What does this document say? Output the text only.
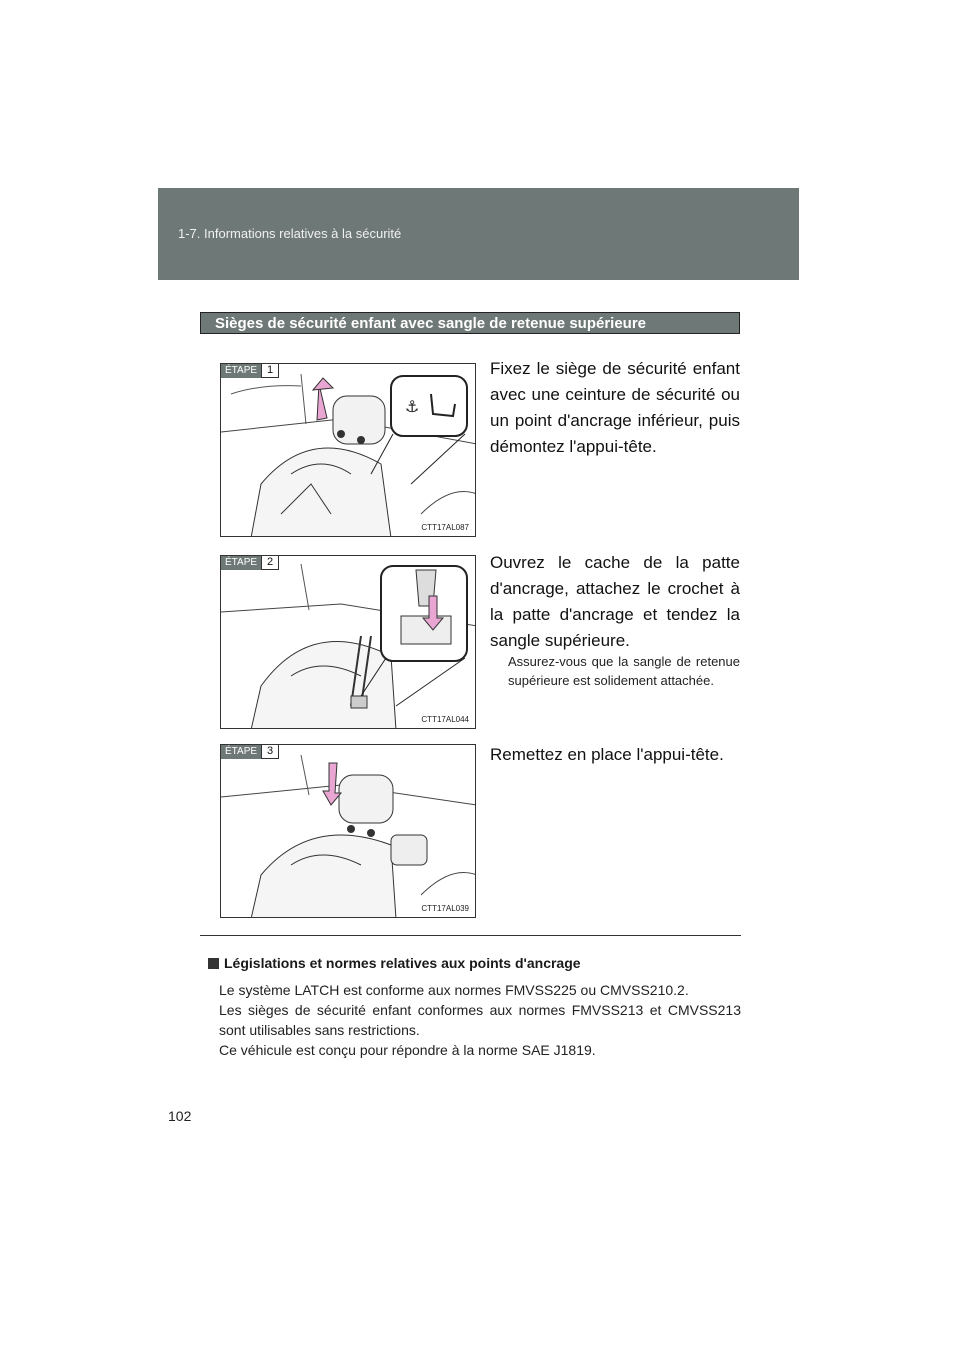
1-7. Informations relatives à la sécurité
Sièges de sécurité enfant avec sangle de retenue supérieure
⚓
ÉTAPE 1
CTT17AL087
Fixez le siège de sécurité enfant avec une ceinture de sécurité ou un point d'ancrage inférieur, puis démontez l'appui-tête.
ÉTAPE 2
CTT17AL044
Ouvrez le cache de la patte d'ancrage, attachez le crochet à la patte d'ancrage et tendez la sangle supérieure.
Assurez-vous que la sangle de retenue supérieure est solidement attachée.
ÉTAPE 3
CTT17AL039
Remettez en place l'appui-tête.
Législations et normes relatives aux points d'ancrage

Le système LATCH est conforme aux normes FMVSS225 ou CMVSS210.2.

Les sièges de sécurité enfant conformes aux normes FMVSS213 et CMVSS213 sont utilisables sans restrictions.

Ce véhicule est conçu pour répondre à la norme SAE J1819.

102
